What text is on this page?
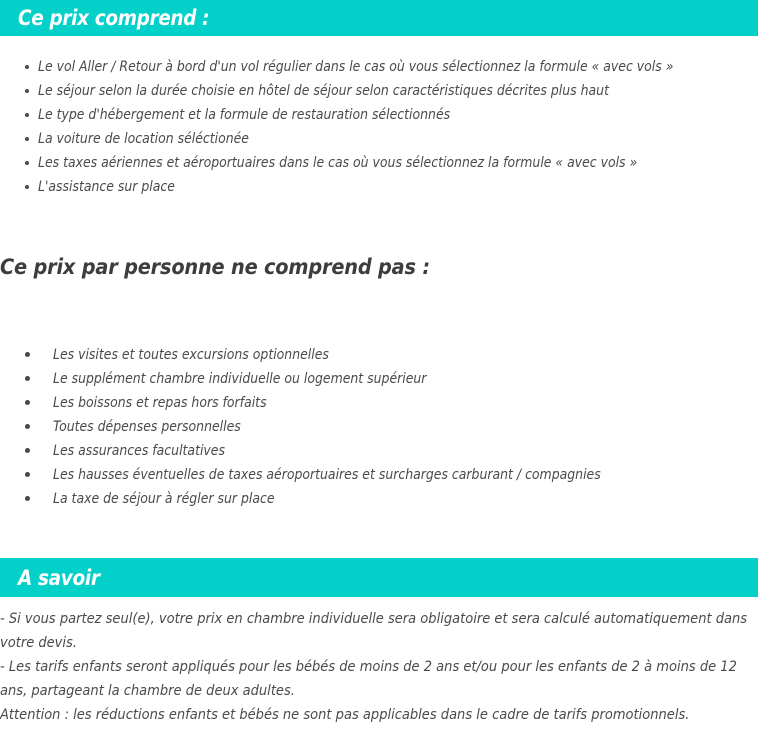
Ce prix comprend :
Le vol Aller / Retour à bord d'un vol régulier dans le cas où vous sélectionnez la formule « avec vols »
Le séjour selon la durée choisie en hôtel de séjour selon caractéristiques décrites plus haut
Le type d'hébergement et la formule de restauration sélectionnés
La voiture de location séléctionée
Les taxes aériennes et aéroportuaires dans le cas où vous sélectionnez la formule « avec vols »
L'assistance sur place
Ce prix par personne ne comprend pas :
Les visites et toutes excursions optionnelles
Le supplément chambre individuelle ou logement supérieur
Les boissons et repas hors forfaits
Toutes dépenses personnelles
Les assurances facultatives
Les hausses éventuelles de taxes aéroportuaires et surcharges carburant / compagnies
La taxe de séjour à régler sur place
A savoir

- Si vous partez seul(e), votre prix en chambre individuelle sera obligatoire et sera calculé automatiquement dans votre devis.

- Les tarifs enfants seront appliqués pour les bébés de moins de 2 ans et/ou pour les enfants de 2 à moins de 12 ans, partageant la chambre de deux adultes.

Attention : les réductions enfants et bébés ne sont pas applicables dans le cadre de tarifs promotionnels.
